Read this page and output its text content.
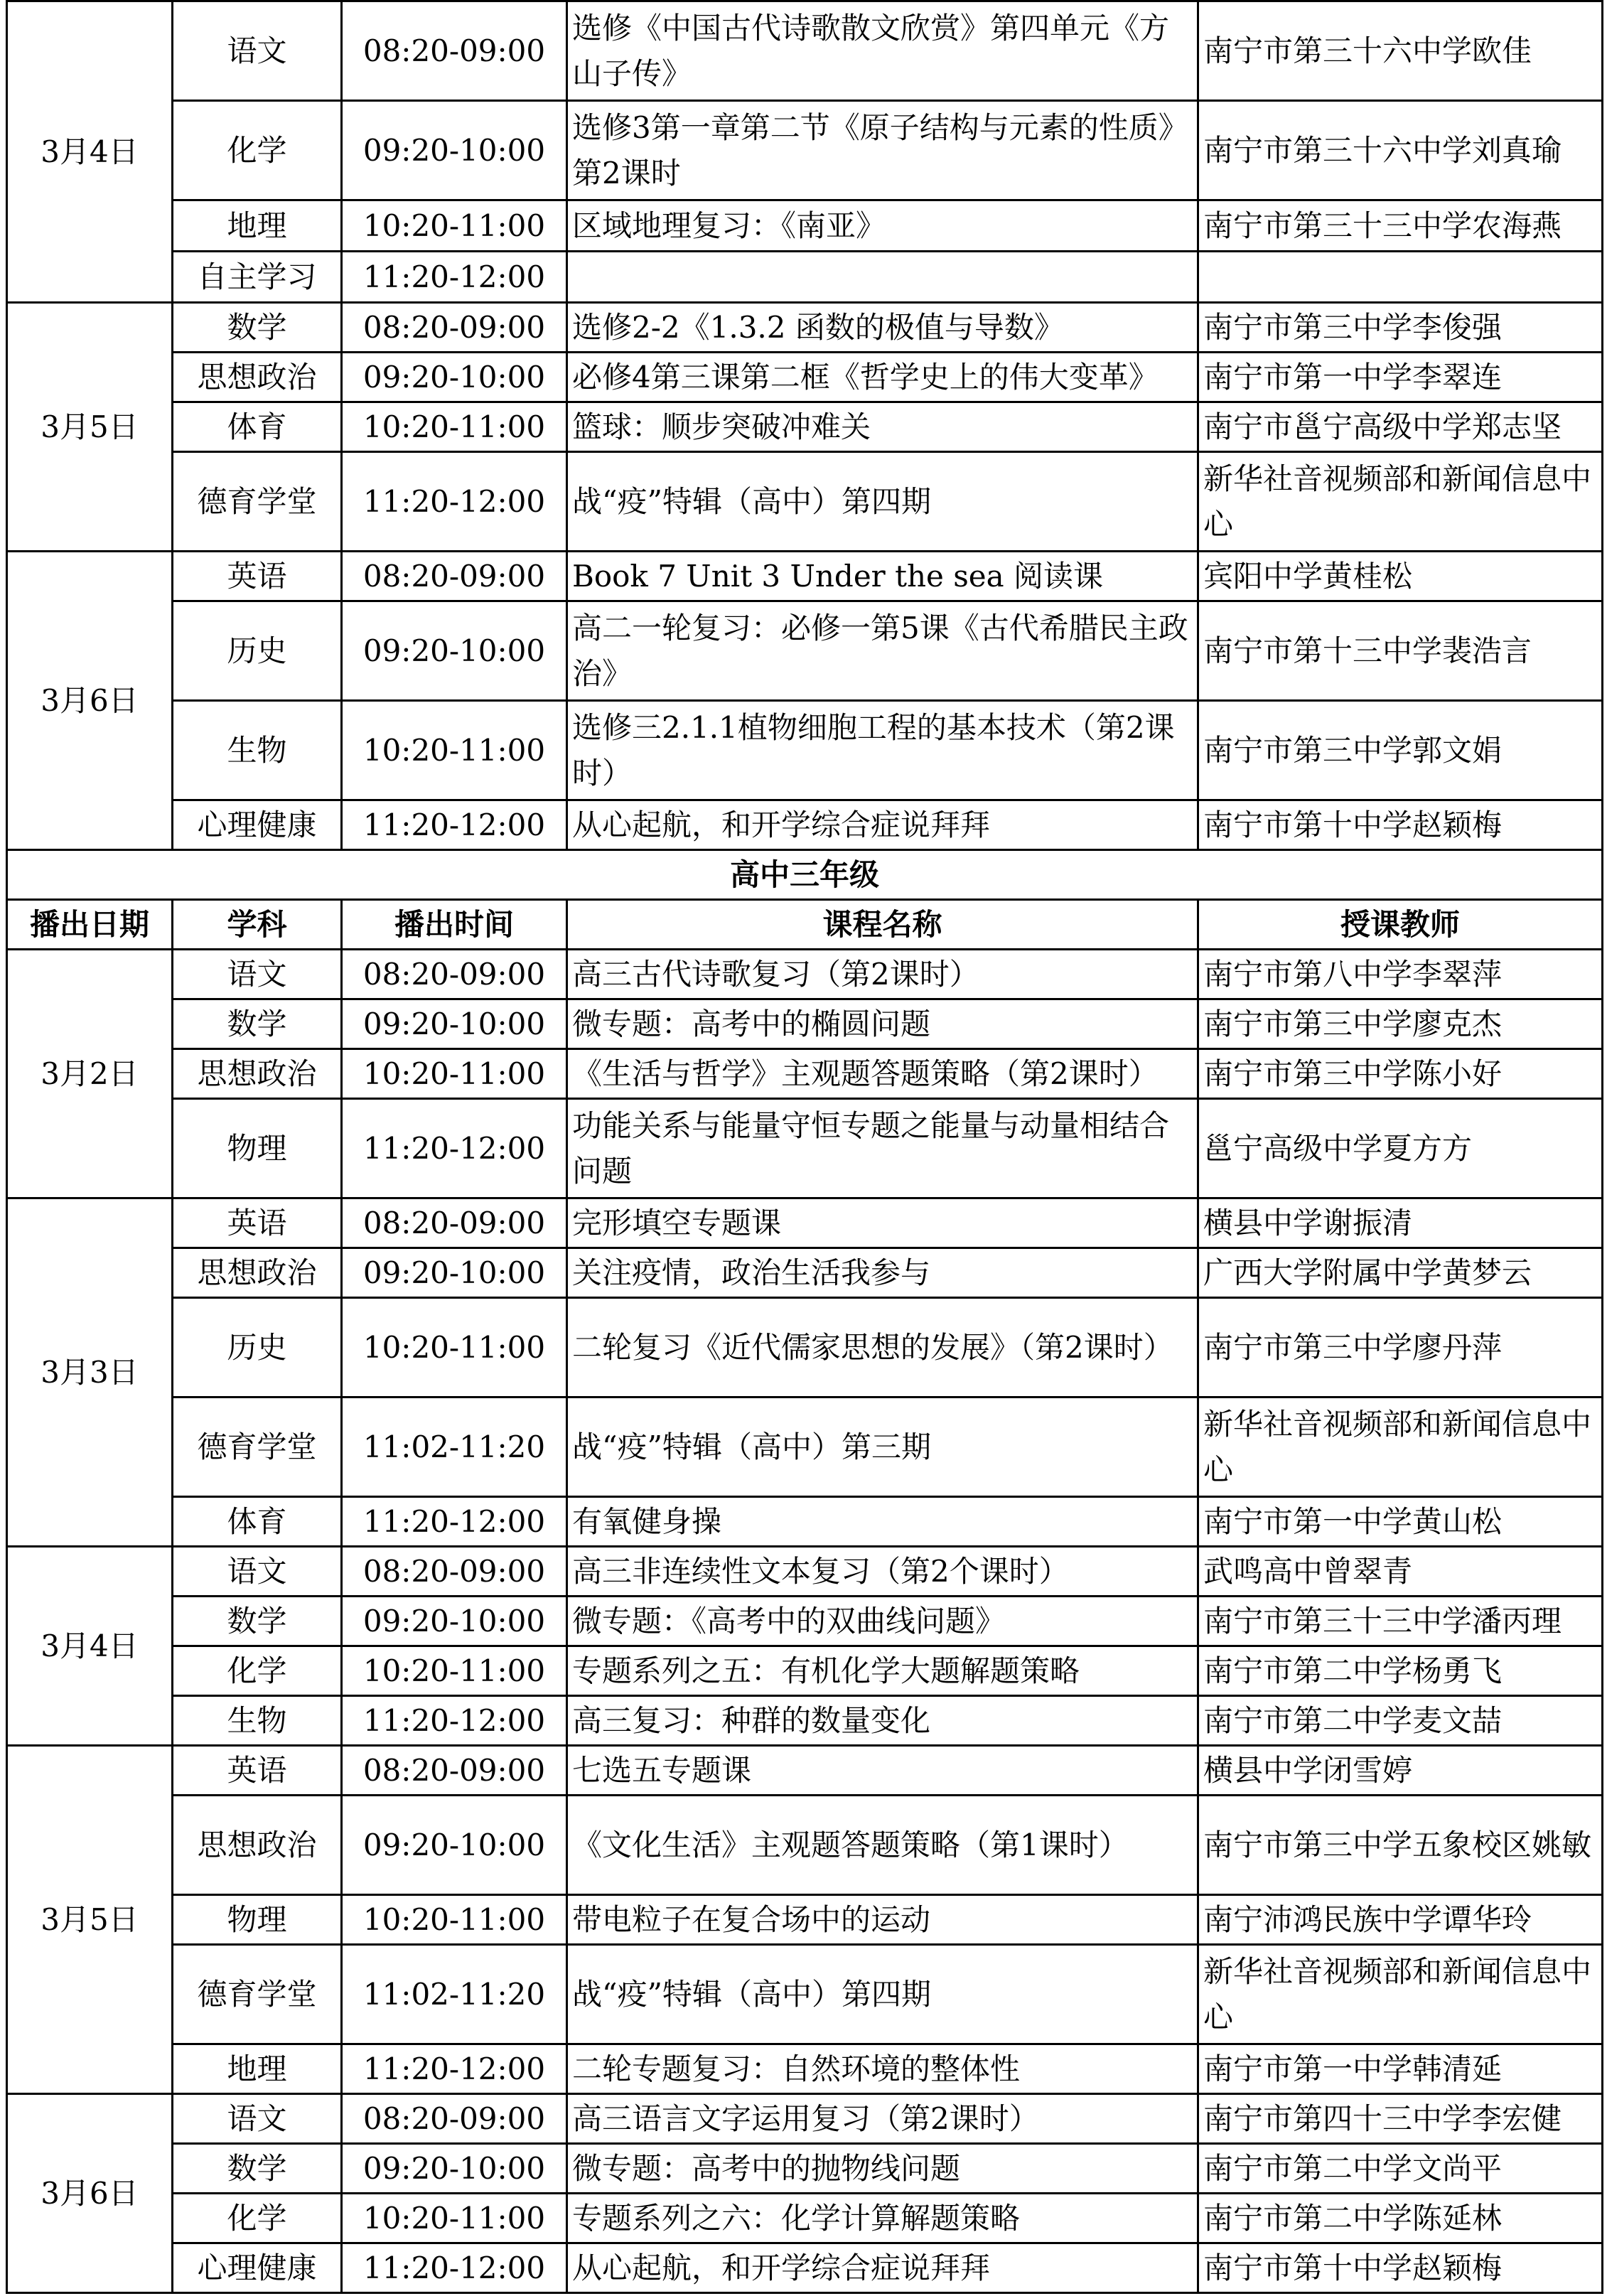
3月4日	语文	08:20-09:00	选修《中国古代诗歌散文欣赏》第四单元《方山子传》	南宁市第三十六中学欧佳
	化学	09:20-10:00	选修3第一章第二节《原子结构与元素的性质》第2课时	南宁市第三十六中学刘真瑜
	地理	10:20-11:00	区域地理复习：《南亚》	南宁市第三十三中学农海燕
	自主学习	11:20-12:00		
3月5日	数学	08:20-09:00	选修2-2《1.3.2 函数的极值与导数》	南宁市第三中学李俊强
	思想政治	09:20-10:00	必修4第三课第二框《哲学史上的伟大变革》	南宁市第一中学李翠连
	体育	10:20-11:00	篮球：顺步突破冲难关	南宁市邕宁高级中学郑志坚
	德育学堂	11:20-12:00	战“疫”特辑（高中）第四期	新华社音视频部和新闻信息中心
3月6日	英语	08:20-09:00	Book 7 Unit 3 Under the sea 阅读课	宾阳中学黄桂松
	历史	09:20-10:00	高二一轮复习：必修一第5课《古代希腊民主政治》	南宁市第十三中学裴浩言
	生物	10:20-11:00	选修三2.1.1植物细胞工程的基本技术（第2课时）	南宁市第三中学郭文娟
	心理健康	11:20-12:00	从心起航，和开学综合症说拜拜	南宁市第十中学赵颖梅
高中三年级				
播出日期	学科	播出时间	课程名称	授课教师
3月2日	语文	08:20-09:00	高三古代诗歌复习（第2课时）	南宁市第八中学李翠萍
	数学	09:20-10:00	微专题：高考中的椭圆问题	南宁市第三中学廖克杰
	思想政治	10:20-11:00	《生活与哲学》主观题答题策略（第2课时）	南宁市第三中学陈小好
	物理	11:20-12:00	功能关系与能量守恒专题之能量与动量相结合问题	邕宁高级中学夏方方
3月3日	英语	08:20-09:00	完形填空专题课	横县中学谢振清
	思想政治	09:20-10:00	关注疫情，政治生活我参与	广西大学附属中学黄梦云
	历史	10:20-11:00	二轮复习《近代儒家思想的发展》（第2课时）	南宁市第三中学廖丹萍
	德育学堂	11:02-11:20	战“疫”特辑（高中）第三期	新华社音视频部和新闻信息中心
	体育	11:20-12:00	有氧健身操	南宁市第一中学黄山松
3月4日	语文	08:20-09:00	高三非连续性文本复习（第2个课时）	武鸣高中曾翠青
	数学	09:20-10:00	微专题：《高考中的双曲线问题》	南宁市第三十三中学潘丙理
	化学	10:20-11:00	专题系列之五：有机化学大题解题策略	南宁市第二中学杨勇飞
	生物	11:20-12:00	高三复习：种群的数量变化	南宁市第二中学麦文喆
3月5日	英语	08:20-09:00	七选五专题课	横县中学闭雪婷
	思想政治	09:20-10:00	《文化生活》主观题答题策略（第1课时）	南宁市第三中学五象校区姚敏
	物理	10:20-11:00	带电粒子在复合场中的运动	南宁沛鸿民族中学谭华玲
	德育学堂	11:02-11:20	战“疫”特辑（高中）第四期	新华社音视频部和新闻信息中心
	地理	11:20-12:00	二轮专题复习：自然环境的整体性	南宁市第一中学韩清延
3月6日	语文	08:20-09:00	高三语言文字运用复习（第2课时）	南宁市第四十三中学李宏健
	数学	09:20-10:00	微专题：高考中的抛物线问题	南宁市第二中学文尚平
	化学	10:20-11:00	专题系列之六：化学计算解题策略	南宁市第二中学陈延林
	心理健康	11:20-12:00	从心起航，和开学综合症说拜拜	南宁市第十中学赵颖梅
